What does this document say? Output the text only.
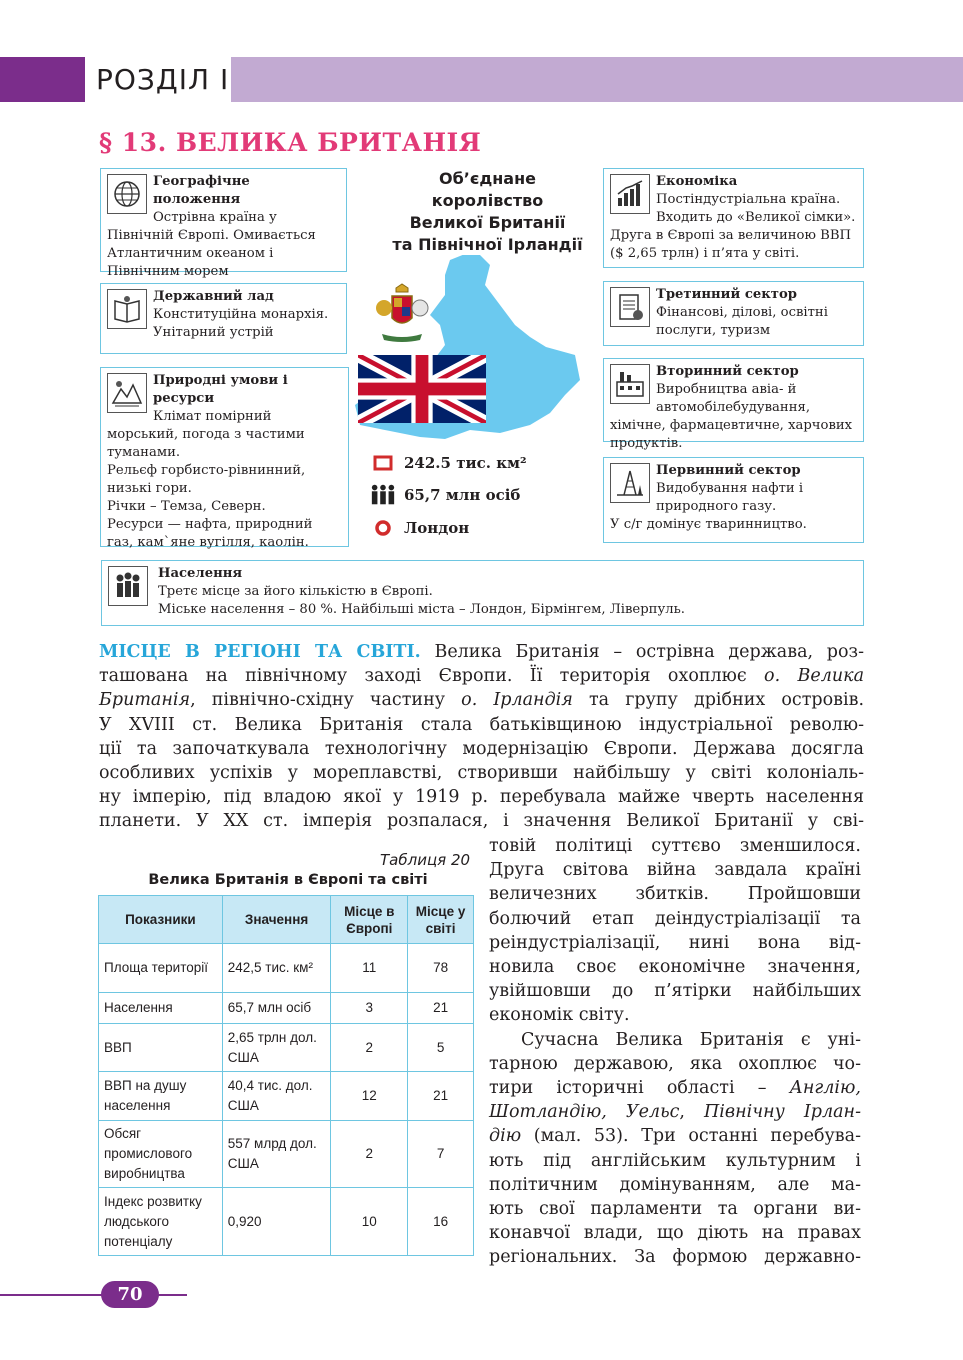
РОЗДІЛ І
§ 13. ВЕЛИКА БРИТАНІЯ
Географічне положення
Острівна країна у Північній Європі. Омивається Атлантичним океаном і Північним морем
Державний лад
Конституційна монархія. Унітарний устрій
Природні умови і ресурси
Клімат помірний морський, погода з частими туманами.
Рельєф горбисто-рівнинний, низькі гори.
Річки – Темза, Северн.
Ресурси — нафта, природний газ, кам`яне вугілля, каолін.
Об’єднане
королівство
Великої Британії
та Північної Ірландії
242.5 тис. км²
65,7 млн осіб
Лондон
Економіка
Постіндустріальна країна. Входить до «Великої сімки». Друга в Європі за величиною ВВП ($ 2,65 трлн) і п’ята у світі.
Третинний сектор
Фінансові, ділові, освітні послуги, туризм
Вторинний сектор
Виробництва авіа- й автомобілебудування, хімічне, фармацевтичне, харчових продуктів.
Первинний сектор
Видобування нафти і природного газу.
У с/г домінує тваринництво.
Населення
Третє місце за його кількістю в Європі.
Міське населення – 80 %. Найбільші міста – Лондон, Бірмінгем, Ліверпуль.
МІСЦЕ В РЕГІОНІ ТА СВІТІ. Велика Британія – острівна держава, роз-
ташована на північному заході Європи. Її територія охоплює о. Велика
Британія, північно-східну частину о. Ірландія та групу дрібних островів.
У XVIII ст. Велика Британія стала батьківщиною індустріальної револю-
ції та започаткувала технологічну модернізацію Європи. Держава досягла
особливих успіхів у мореплавстві, створивши найбільшу у світі колоніаль-
ну імперію, під владою якої у 1919 р. перебувала майже чверть населення
планети. У XX ст. імперія розпалася, і значення Великої Британії у сві-
товій політиці суттєво зменшилося.
Друга світова війна завдала країні
величезних збитків. Пройшовши
болючий етап деіндустріалізації та
реіндустріалізації, нині вона від-
новила своє економічне значення,
увійшовши до п’ятірки найбільших
економік світу.
Сучасна Велика Британія є уні-
тарною державою, яка охоплює чо-
тири історичні області – Англію,
Шотландію, Уельс, Північну Ірлан-
дію (мал. 53). Три останні перебува-
ють під англійським культурним і
політичним домінуванням, але ма-
ють свої парламенти та органи ви-
конавчої влади, що діють на правах
регіональних. За формою державно-
Таблиця 20
Велика Британія в Європі та світі
Показники	Значення	Місце в Європі	Місце у світі
Площа території	242,5 тис. км²	11	78
Населення	65,7 млн осіб	3	21
ВВП	2,65 трлн дол. США	2	5
ВВП на душу населення	40,4 тис. дол. США	12	21
Обсяг промислового виробництва	557 млрд дол. США	2	7
Індекс розвитку людського потенціалу	0,920	10	16
70
